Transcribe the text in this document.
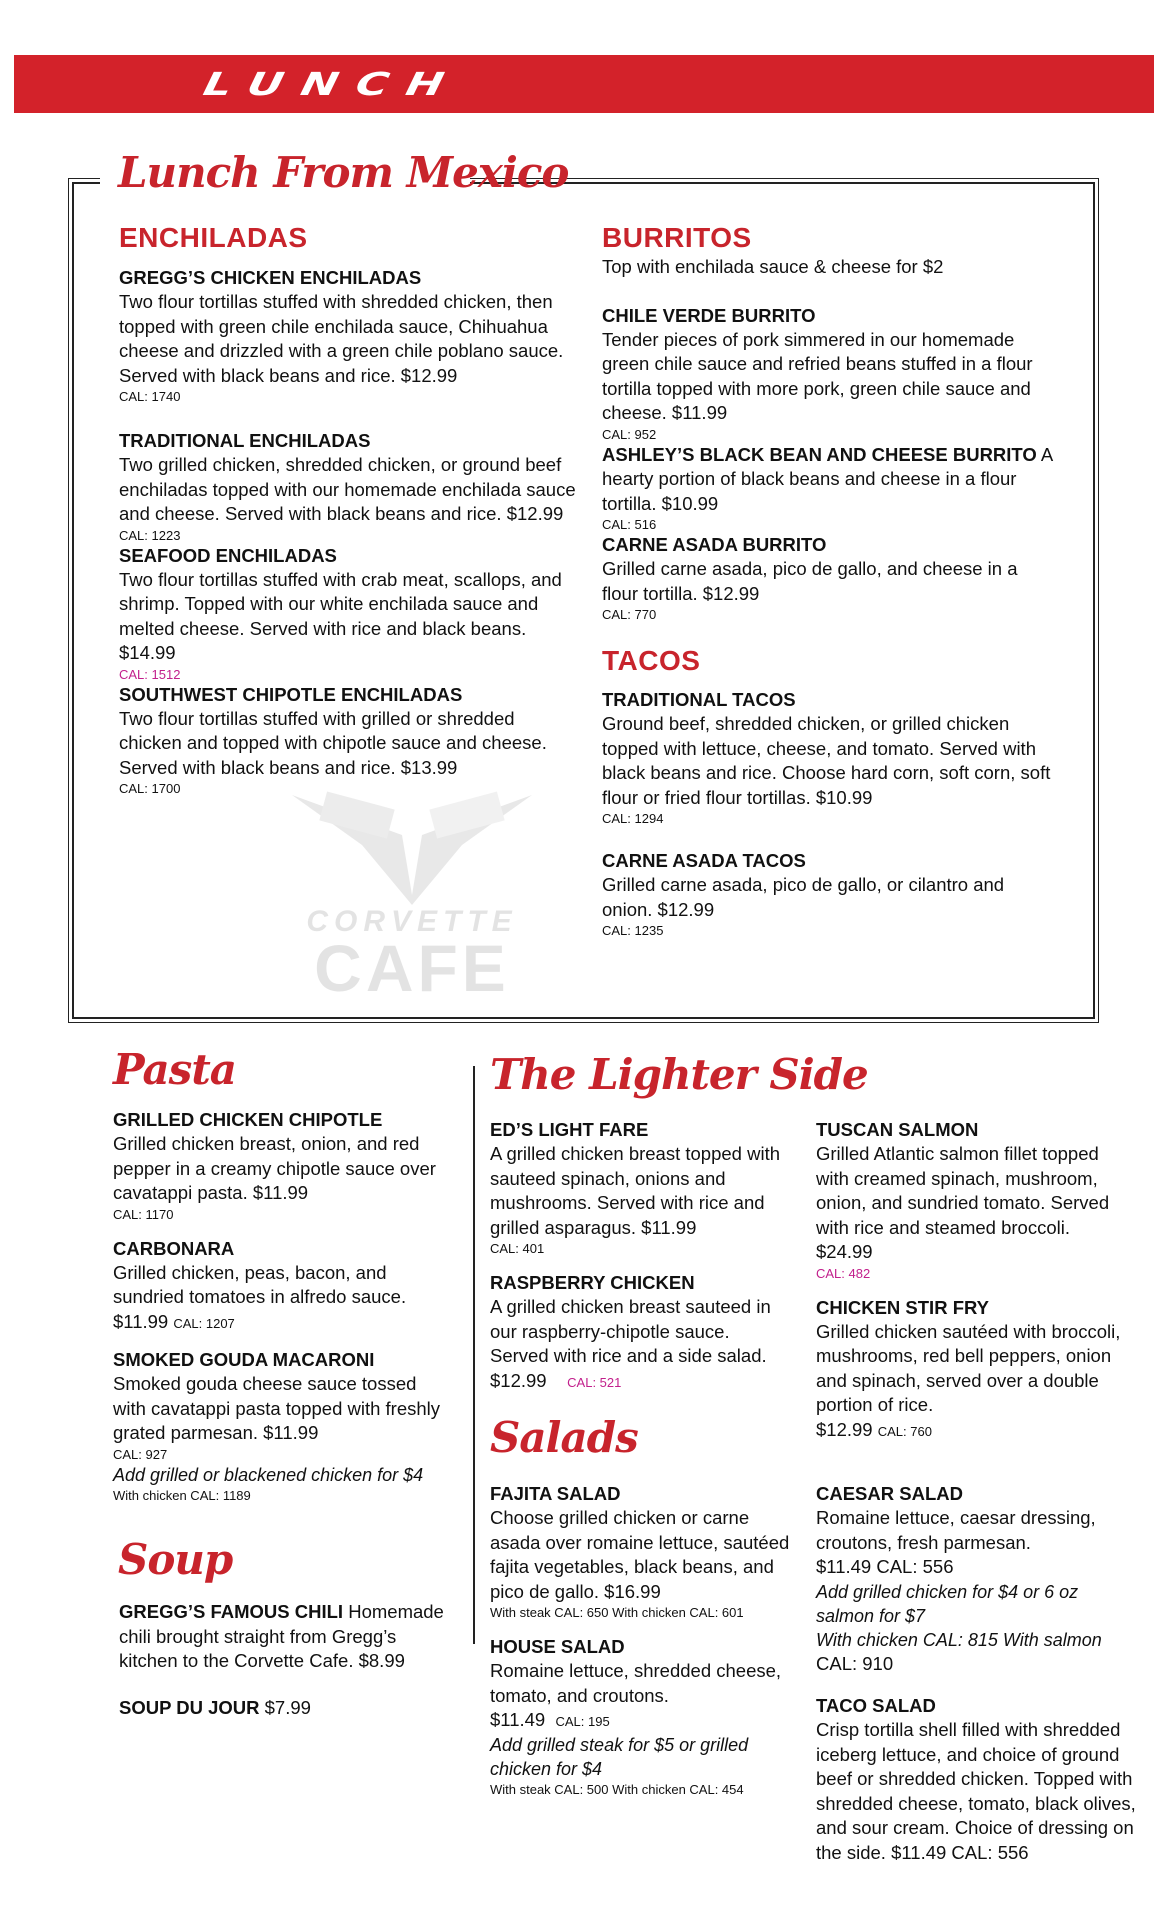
LUNCH
Lunch From Mexico
CORVETTE
CAFE
ENCHILADAS
GREGG’S CHICKEN ENCHILADAS
Two flour tortillas stuffed with shredded chicken, then topped with green chile enchilada sauce, Chihuahua cheese and drizzled with a green chile poblano sauce. Served with black beans and rice. $12.99
CAL: 1740
TRADITIONAL ENCHILADAS
Two grilled chicken, shredded chicken, or ground beef enchiladas topped with our homemade enchilada sauce and cheese. Served with black beans and rice. $12.99
CAL: 1223
SEAFOOD ENCHILADAS
Two flour tortillas stuffed with crab meat, scallops, and shrimp. Topped with our white enchilada sauce and melted cheese. Served with rice and black beans. $14.99
CAL: 1512
SOUTHWEST CHIPOTLE ENCHILADAS
Two flour tortillas stuffed with grilled or shredded chicken and topped with chipotle sauce and cheese. Served with black beans and rice. $13.99
CAL: 1700
BURRITOS
Top with enchilada sauce & cheese for $2
CHILE VERDE BURRITO
Tender pieces of pork simmered in our homemade green chile sauce and refried beans stuffed in a flour tortilla topped with more pork, green chile sauce and cheese. $11.99
CAL: 952
ASHLEY’S BLACK BEAN AND CHEESE BURRITO A hearty portion of black beans and cheese in a flour tortilla. $10.99
CAL: 516
CARNE ASADA BURRITO
Grilled carne asada, pico de gallo, and cheese in a flour tortilla. $12.99
CAL: 770
TACOS
TRADITIONAL TACOS
Ground beef, shredded chicken, or grilled chicken topped with lettuce, cheese, and tomato. Served with black beans and rice. Choose hard corn, soft corn, soft flour or fried flour tortillas. $10.99
CAL: 1294
CARNE ASADA TACOS
Grilled carne asada, pico de gallo, or cilantro and onion. $12.99
CAL: 1235
Pasta
GRILLED CHICKEN CHIPOTLE
Grilled chicken breast, onion, and red pepper in a creamy chipotle sauce over cavatappi pasta. $11.99
CAL: 1170
CARBONARA
Grilled chicken, peas, bacon, and sundried tomatoes in alfredo sauce.
$11.99 CAL: 1207
SMOKED GOUDA MACARONI
Smoked gouda cheese sauce tossed with cavatappi pasta topped with freshly grated parmesan. $11.99
CAL: 927
Add grilled or blackened chicken for $4
With chicken CAL: 1189
Soup
GREGG’S FAMOUS CHILI Homemade chili brought straight from Gregg’s kitchen to the Corvette Cafe. $8.99
SOUP DU JOUR $7.99
The Lighter Side
ED’S LIGHT FARE
A grilled chicken breast topped with sauteed spinach, onions and mushrooms. Served with rice and grilled asparagus. $11.99
CAL: 401
RASPBERRY CHICKEN
A grilled chicken breast sauteed in our raspberry-chipotle sauce. Served with rice and a side salad.
$12.99 CAL: 521
TUSCAN SALMON
Grilled Atlantic salmon fillet topped with creamed spinach, mushroom, onion, and sundried tomato. Served with rice and steamed broccoli. $24.99
CAL: 482
CHICKEN STIR FRY
Grilled chicken sautéed with broccoli, mushrooms, red bell peppers, onion and spinach, served over a double portion of rice.
$12.99 CAL: 760
Salads
FAJITA SALAD
Choose grilled chicken or carne asada over romaine lettuce, sautéed fajita vegetables, black beans, and pico de gallo. $16.99
With steak CAL: 650 With chicken CAL: 601
HOUSE SALAD
Romaine lettuce, shredded cheese, tomato, and croutons.
$11.49 CAL: 195
Add grilled steak for $5 or grilled chicken for $4
With steak CAL: 500 With chicken CAL: 454
CAESAR SALAD
Romaine lettuce, caesar dressing, croutons, fresh parmesan.
$11.49 CAL: 556
Add grilled chicken for $4 or 6 oz salmon for $7
With chicken CAL: 815 With salmon
CAL: 910
TACO SALAD
Crisp tortilla shell filled with shredded iceberg lettuce, and choice of ground beef or shredded chicken. Topped with shredded cheese, tomato, black olives, and sour cream. Choice of dressing on the side. $11.49 CAL: 556
